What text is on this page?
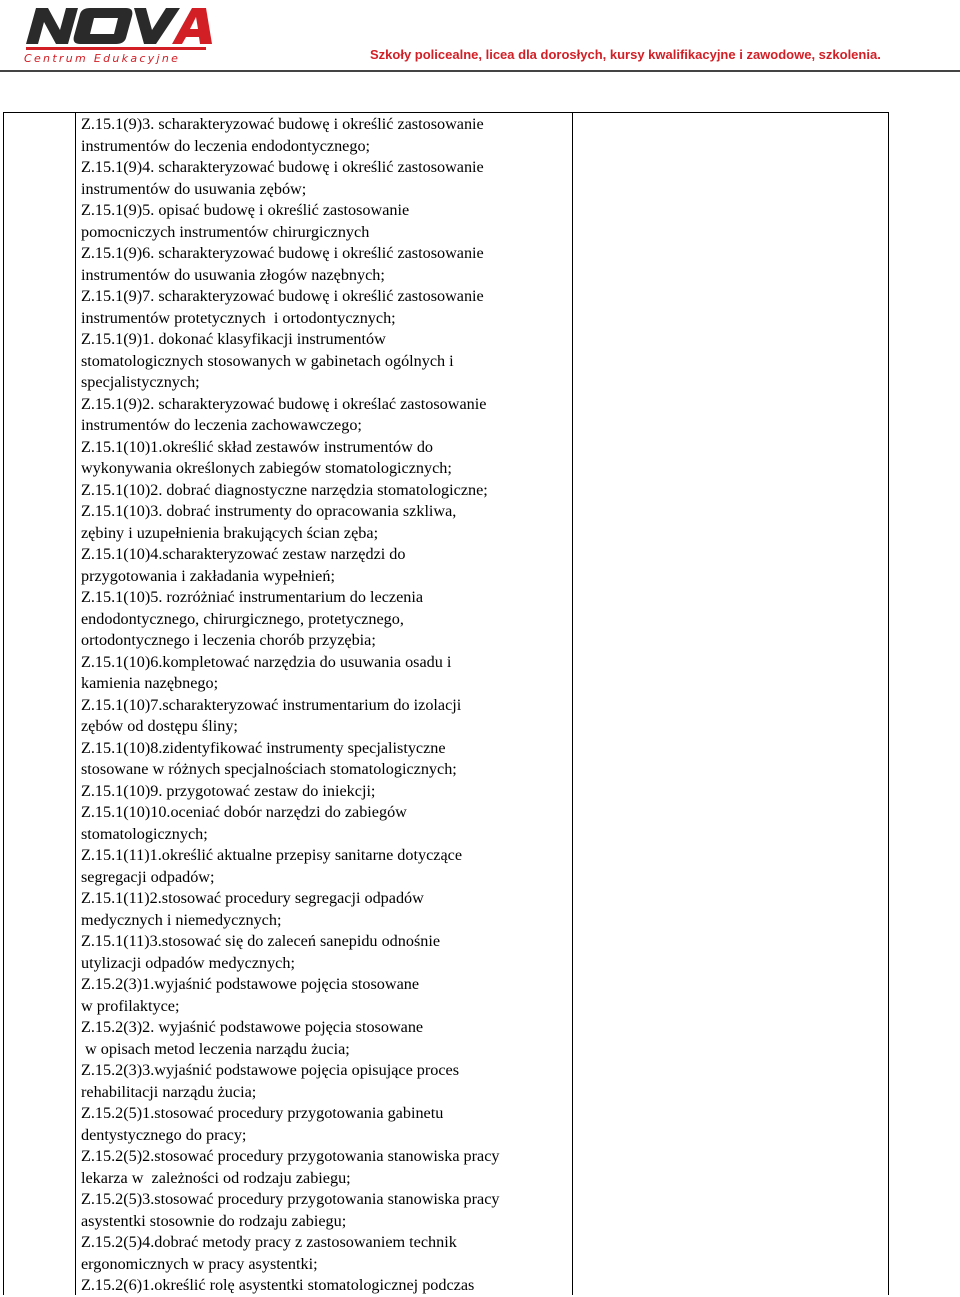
Centrum Edukacyjne	Szkoły policealne, licea dla dorosłych, kursy kwalifikacyjne i zawodowe, szkolenia.
Z.15.1(9)3. scharakteryzować budowę i określić zastosowanie
instrumentów do leczenia endodontycznego;
Z.15.1(9)4. scharakteryzować budowę i określić zastosowanie
instrumentów do usuwania zębów;
Z.15.1(9)5. opisać budowę i określić zastosowanie
pomocniczych instrumentów chirurgicznych
Z.15.1(9)6. scharakteryzować budowę i określić zastosowanie
instrumentów do usuwania złogów nazębnych;
Z.15.1(9)7. scharakteryzować budowę i określić zastosowanie
instrumentów protetycznych  i ortodontycznych;
Z.15.1(9)1. dokonać klasyfikacji instrumentów
stomatologicznych stosowanych w gabinetach ogólnych i
specjalistycznych;
Z.15.1(9)2. scharakteryzować budowę i określać zastosowanie
instrumentów do leczenia zachowawczego;
Z.15.1(10)1.określić skład zestawów instrumentów do
wykonywania określonych zabiegów stomatologicznych;
Z.15.1(10)2. dobrać diagnostyczne narzędzia stomatologiczne;
Z.15.1(10)3. dobrać instrumenty do opracowania szkliwa,
zębiny i uzupełnienia brakujących ścian zęba;
Z.15.1(10)4.scharakteryzować zestaw narzędzi do
przygotowania i zakładania wypełnień;
Z.15.1(10)5. rozróżniać instrumentarium do leczenia
endodontycznego, chirurgicznego, protetycznego,
ortodontycznego i leczenia chorób przyzębia;
Z.15.1(10)6.kompletować narzędzia do usuwania osadu i
kamienia nazębnego;
Z.15.1(10)7.scharakteryzować instrumentarium do izolacji
zębów od dostępu śliny;
Z.15.1(10)8.zidentyfikować instrumenty specjalistyczne
stosowane w różnych specjalnościach stomatologicznych;
Z.15.1(10)9. przygotować zestaw do iniekcji;
Z.15.1(10)10.oceniać dobór narzędzi do zabiegów
stomatologicznych;
Z.15.1(11)1.określić aktualne przepisy sanitarne dotyczące
segregacji odpadów;
Z.15.1(11)2.stosować procedury segregacji odpadów
medycznych i niemedycznych;
Z.15.1(11)3.stosować się do zaleceń sanepidu odnośnie
utylizacji odpadów medycznych;
Z.15.2(3)1.wyjaśnić podstawowe pojęcia stosowane
w profilaktyce;
Z.15.2(3)2. wyjaśnić podstawowe pojęcia stosowane
w opisach metod leczenia narządu żucia;
Z.15.2(3)3.wyjaśnić podstawowe pojęcia opisujące proces
rehabilitacji narządu żucia;
Z.15.2(5)1.stosować procedury przygotowania gabinetu
dentystycznego do pracy;
Z.15.2(5)2.stosować procedury przygotowania stanowiska pracy
lekarza w  zależności od rodzaju zabiegu;
Z.15.2(5)3.stosować procedury przygotowania stanowiska pracy
asystentki stosownie do rodzaju zabiegu;
Z.15.2(5)4.dobrać metody pracy z zastosowaniem technik
ergonomicznych w pracy asystentki;
Z.15.2(6)1.określić rolę asystentki stomatologicznej podczas
